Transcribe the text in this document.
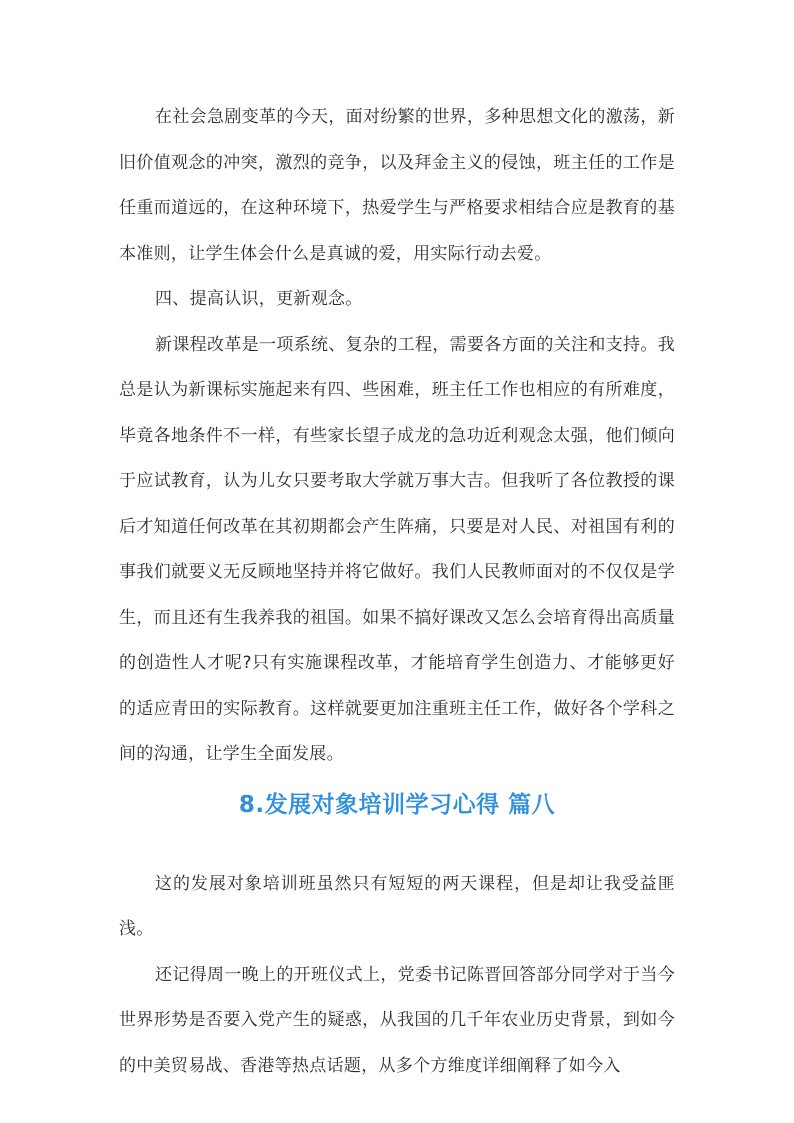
在社会急剧变革的今天，面对纷繁的世界，多种思想文化的激荡，新旧价值观念的冲突，激烈的竞争，以及拜金主义的侵蚀，班主任的工作是任重而道远的，在这种环境下，热爱学生与严格要求相结合应是教育的基本准则，让学生体会什么是真诚的爱，用实际行动去爱。

四、提高认识，更新观念。

新课程改革是一项系统、复杂的工程，需要各方面的关注和支持。我总是认为新课标实施起来有四、些困难，班主任工作也相应的有所难度，毕竟各地条件不一样，有些家长望子成龙的急功近利观念太强，他们倾向于应试教育，认为儿女只要考取大学就万事大吉。但我听了各位教授的课后才知道任何改革在其初期都会产生阵痛，只要是对人民、对祖国有利的事我们就要义无反顾地坚持并将它做好。我们人民教师面对的不仅仅是学生，而且还有生我养我的祖国。如果不搞好课改又怎么会培育得出高质量的创造性人才呢?只有实施课程改革，才能培育学生创造力、才能够更好的适应青田的实际教育。这样就要更加注重班主任工作，做好各个学科之间的沟通，让学生全面发展。

8.发展对象培训学习心得 篇八

这的发展对象培训班虽然只有短短的两天课程，但是却让我受益匪浅。

还记得周一晚上的开班仪式上，党委书记陈晋回答部分同学对于当今世界形势是否要入党产生的疑惑，从我国的几千年农业历史背景，到如今的中美贸易战、香港等热点话题，从多个方维度详细阐释了如今入
